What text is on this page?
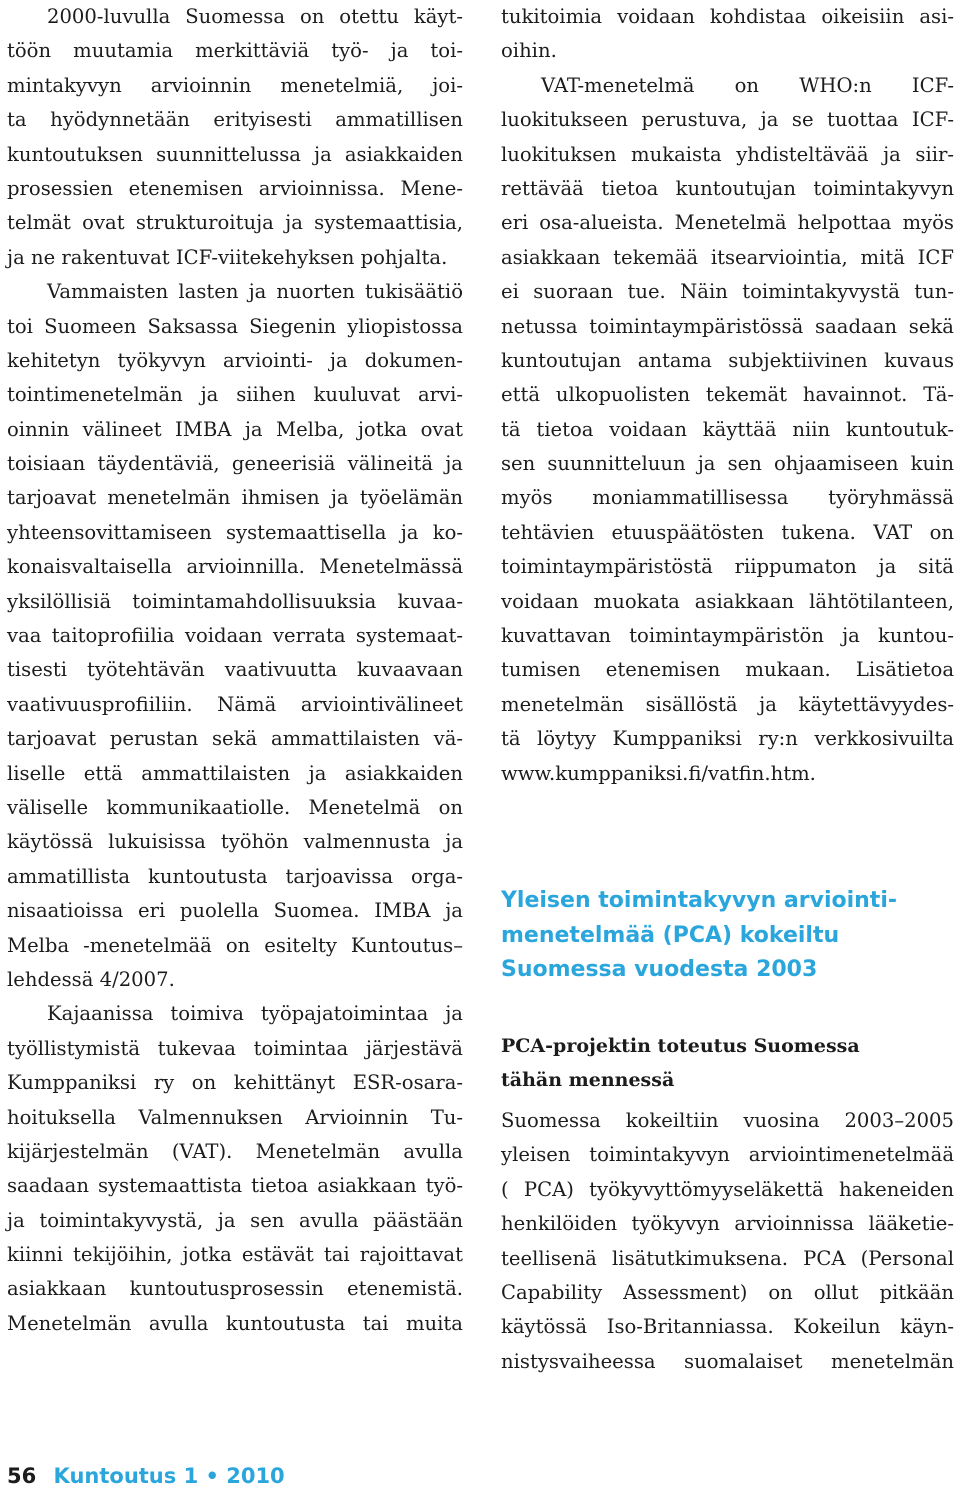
2000-luvulla Suomessa on otettu käyt-
töön muutamia merkittäviä työ- ja toi-
mintakyvyn arvioinnin menetelmiä, joi-
ta hyödynnetään erityisesti ammatillisen
kuntoutuksen suunnittelussa ja asiakkaiden
prosessien etenemisen arvioinnissa. Mene-
telmät ovat strukturoituja ja systemaattisia,
ja ne rakentuvat ICF-viitekehyksen pohjalta.
Vammaisten lasten ja nuorten tukisäätiö
toi Suomeen Saksassa Siegenin yliopistossa
kehitetyn työkyvyn arviointi- ja dokumen-
tointimenetelmän ja siihen kuuluvat arvi-
oinnin välineet IMBA ja Melba, jotka ovat
toisiaan täydentäviä, geneerisiä välineitä ja
tarjoavat menetelmän ihmisen ja työelämän
yhteensovittamiseen systemaattisella ja ko-
konaisvaltaisella arvioinnilla. Menetelmässä
yksilöllisiä toimintamahdollisuuksia kuvaa-
vaa taitoprofiilia voidaan verrata systemaat-
tisesti työtehtävän vaativuutta kuvaavaan
vaativuusprofiiliin. Nämä arviointivälineet
tarjoavat perustan sekä ammattilaisten vä-
liselle että ammattilaisten ja asiakkaiden
väliselle kommunikaatiolle. Menetelmä on
käytössä lukuisissa työhön valmennusta ja
ammatillista kuntoutusta tarjoavissa orga-
nisaatioissa eri puolella Suomea. IMBA ja
Melba -menetelmää on esitelty Kuntoutus–
lehdessä 4/2007.
Kajaanissa toimiva työpajatoimintaa ja
työllistymistä tukevaa toimintaa järjestävä
Kumppaniksi ry on kehittänyt ESR-osara-
hoituksella Valmennuksen Arvioinnin Tu-
kijärjestelmän (VAT). Menetelmän avulla
saadaan systemaattista tietoa asiakkaan työ-
ja toimintakyvystä, ja sen avulla päästään
kiinni tekijöihin, jotka estävät tai rajoittavat
asiakkaan kuntoutusprosessin etenemistä.
Menetelmän avulla kuntoutusta tai muita
tukitoimia voidaan kohdistaa oikeisiin asi-
oihin.
VAT-menetelmä on WHO:n ICF-
luokitukseen perustuva, ja se tuottaa ICF-
luokituksen mukaista yhdisteltävää ja siir-
rettävää tietoa kuntoutujan toimintakyvyn
eri osa-alueista. Menetelmä helpottaa myös
asiakkaan tekemää itsearviointia, mitä ICF
ei suoraan tue. Näin toimintakyvystä tun-
netussa toimintaympäristössä saadaan sekä
kuntoutujan antama subjektiivinen kuvaus
että ulkopuolisten tekemät havainnot. Tä-
tä tietoa voidaan käyttää niin kuntoutuk-
sen suunnitteluun ja sen ohjaamiseen kuin
myös moniammatillisessa työryhmässä
tehtävien etuuspäätösten tukena. VAT on
toimintaympäristöstä riippumaton ja sitä
voidaan muokata asiakkaan lähtötilanteen,
kuvattavan toimintaympäristön ja kuntou-
tumisen etenemisen mukaan. Lisätietoa
menetelmän sisällöstä ja käytettävyydes-
tä löytyy Kumppaniksi ry:n verkkosivuilta
www.kumppaniksi.fi/vatfin.htm.
Yleisen toimintakyvyn arviointi-
menetelmää (PCA) kokeiltu
Suomessa vuodesta 2003
PCA-projektin toteutus Suomessa
tähän mennessä
Suomessa kokeiltiin vuosina 2003–2005
yleisen toimintakyvyn arviointimenetelmää
( PCA) työkyvyttömyyseläkettä hakeneiden
henkilöiden työkyvyn arvioinnissa lääketie-
teellisenä lisätutkimuksena. PCA (Personal
Capability Assessment) on ollut pitkään
käytössä Iso-Britanniassa. Kokeilun käyn-
nistysvaiheessa suomalaiset menetelmän
56 Kuntoutus 1 • 2010
